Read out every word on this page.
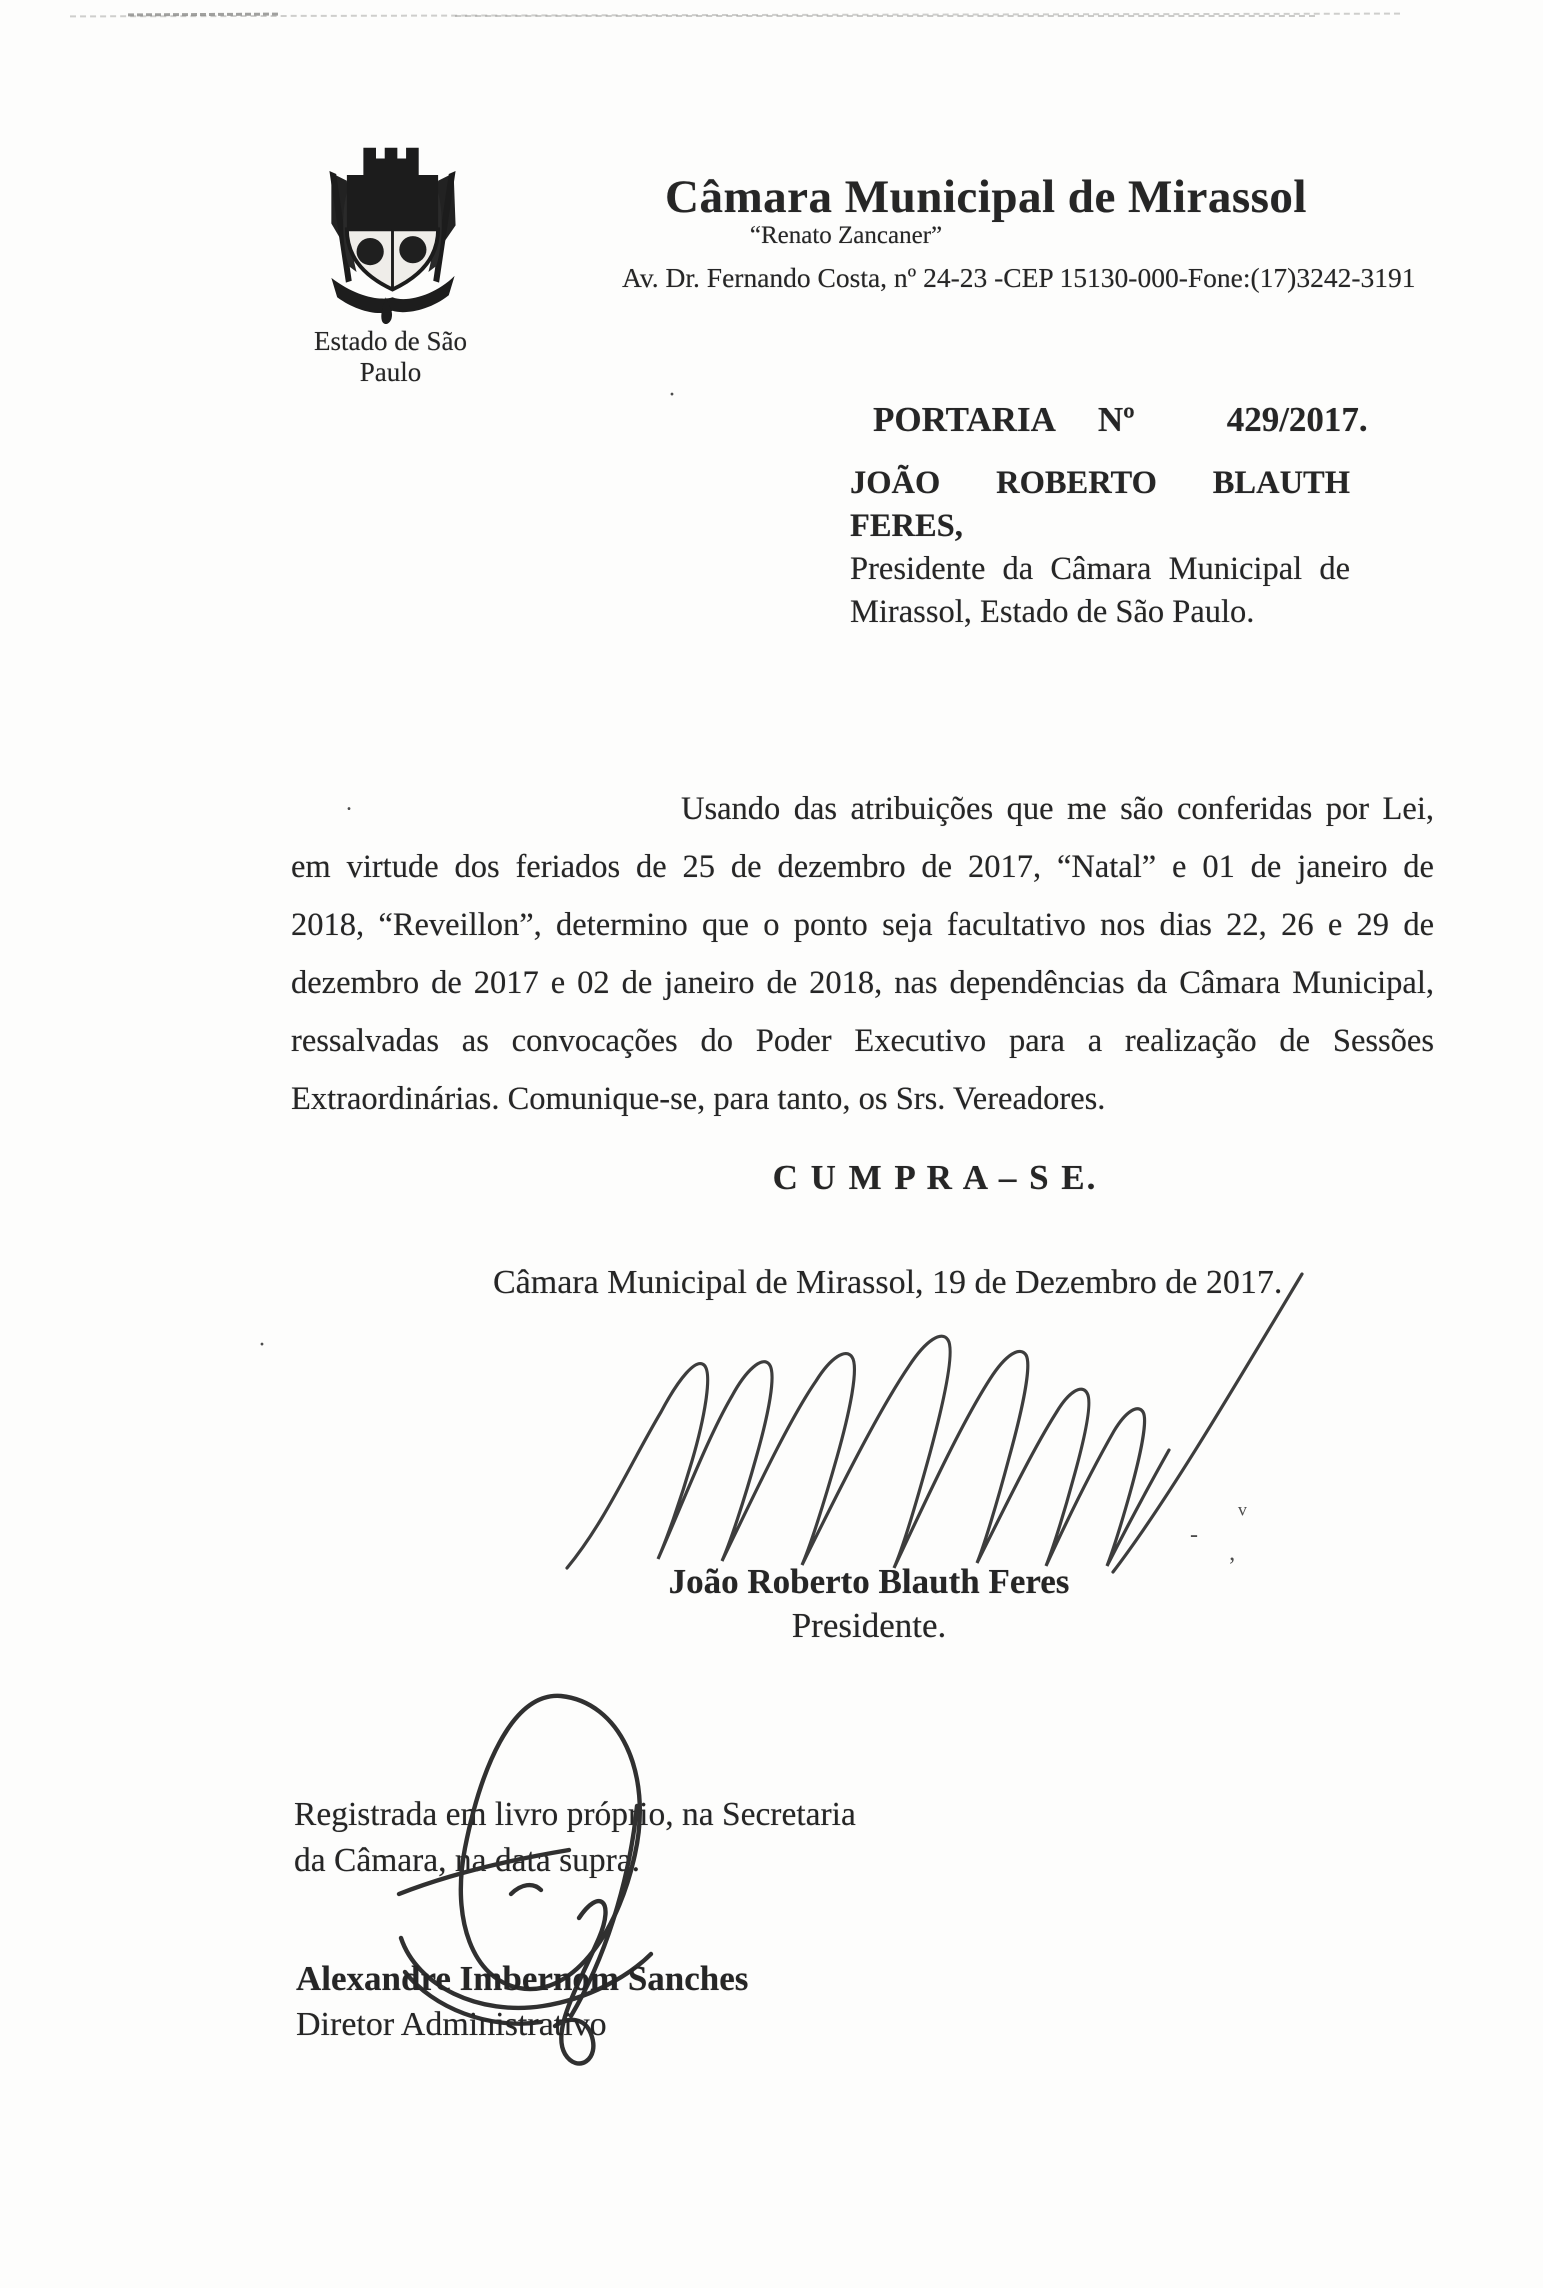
Estado de São Paulo
Câmara Municipal de Mirassol
“Renato Zancaner”
Av. Dr. Fernando Costa, nº 24-23 -CEP 15130-000-Fone:(17)3242-3191
PORTARIA Nº	429/2017.
JOÃO ROBERTO BLAUTH FERES,
Presidente da Câmara Municipal de
Mirassol, Estado de São Paulo.
Usando das atribuições que me são conferidas por Lei,
em virtude dos feriados de 25 de dezembro de 2017, “Natal” e 01 de janeiro de
2018, “Reveillon”, determino que o ponto seja facultativo nos dias 22, 26 e 29 de
dezembro de 2017 e 02 de janeiro de 2018, nas dependências da Câmara Municipal,
ressalvadas as convocações do Poder Executivo para a realização de Sessões
Extraordinárias. Comunique-se, para tanto, os Srs. Vereadores.
C U M P R A – S E.
Câmara Municipal de Mirassol, 19 de Dezembro de 2017.
João Roberto Blauth Feres
Presidente.
Registrada em livro próprio, na Secretaria
da Câmara, na data supra.
Alexandre Imbernom Sanches
Diretor Administrativo
·
.
·
ᵛ
-
‚
